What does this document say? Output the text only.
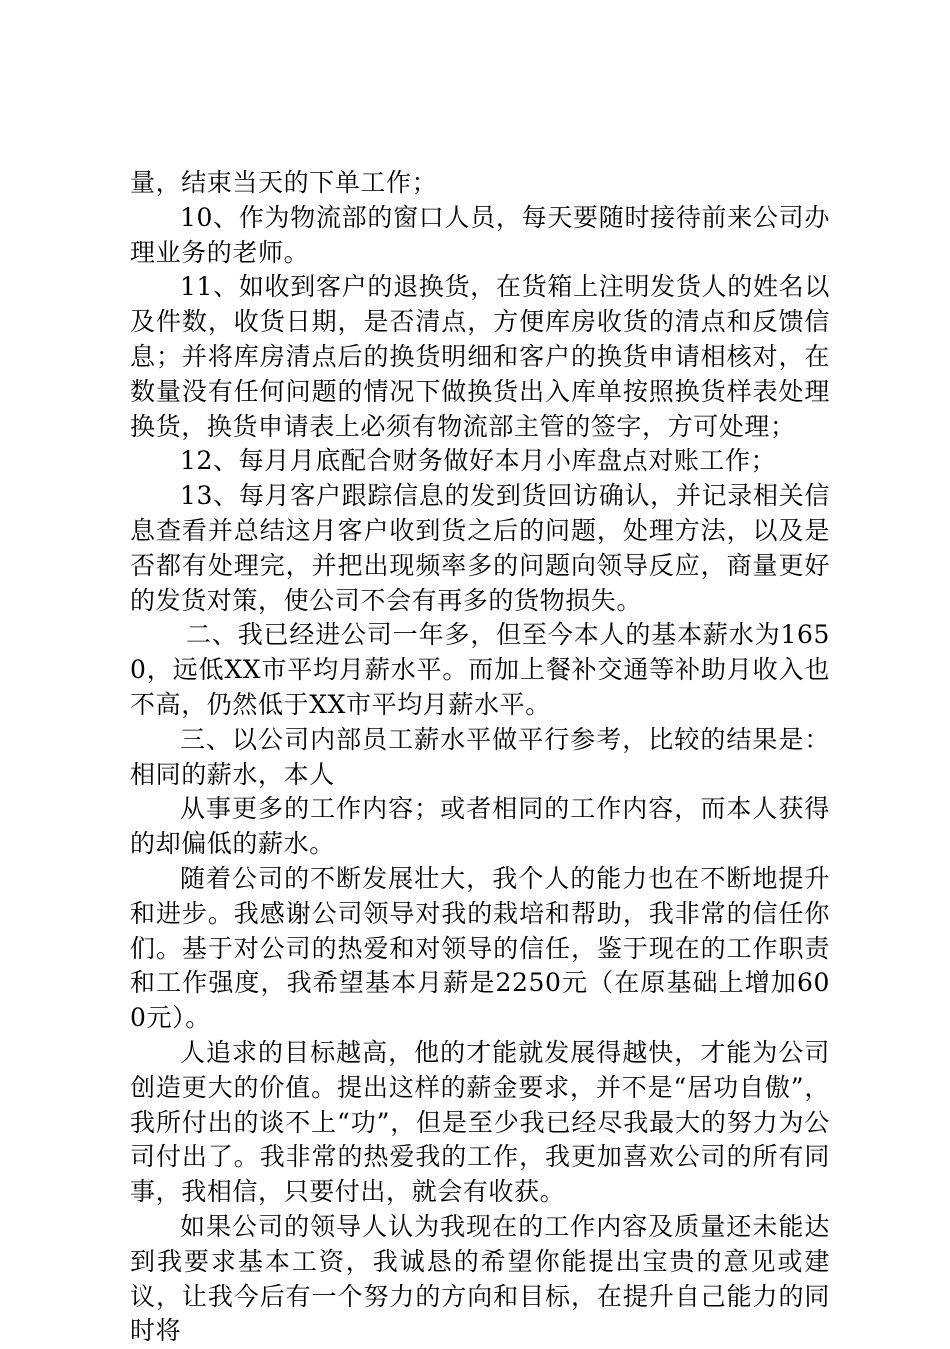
量，结束当天的下单工作；

10、作为物流部的窗口人员，每天要随时接待前来公司办理业务的老师。

11、如收到客户的退换货，在货箱上注明发货人的姓名以及件数，收货日期，是否清点，方便库房收货的清点和反馈信息；并将库房清点后的换货明细和客户的换货申请相核对，在数量没有任何问题的情况下做换货出入库单按照换货样表处理换货，换货申请表上必须有物流部主管的签字，方可处理；

12、每月月底配合财务做好本月小库盘点对账工作；

13、每月客户跟踪信息的发到货回访确认，并记录相关信息查看并总结这月客户收到货之后的问题，处理方法，以及是否都有处理完，并把出现频率多的问题向领导反应，商量更好的发货对策，使公司不会有再多的货物损失。

二、我已经进公司一年多，但至今本人的基本薪水为1650，远低XX市平均月薪水平。而加上餐补交通等补助月收入也不高，仍然低于XX市平均月薪水平。

三、以公司内部员工薪水平做平行参考，比较的结果是：相同的薪水，本人

从事更多的工作内容；或者相同的工作内容，而本人获得的却偏低的薪水。

随着公司的不断发展壮大，我个人的能力也在不断地提升和进步。我感谢公司领导对我的栽培和帮助，我非常的信任你们。基于对公司的热爱和对领导的信任，鉴于现在的工作职责和工作强度，我希望基本月薪是2250元（在原基础上增加600元）。

人追求的目标越高，他的才能就发展得越快，才能为公司创造更大的价值。提出这样的薪金要求，并不是“居功自傲”，我所付出的谈不上“功”，但是至少我已经尽我最大的努力为公司付出了。我非常的热爱我的工作，我更加喜欢公司的所有同事，我相信，只要付出，就会有收获。

如果公司的领导人认为我现在的工作内容及质量还未能达到我要求基本工资，我诚恳的希望你能提出宝贵的意见或建议，让我今后有一个努力的方向和目标，在提升自己能力的同时将
